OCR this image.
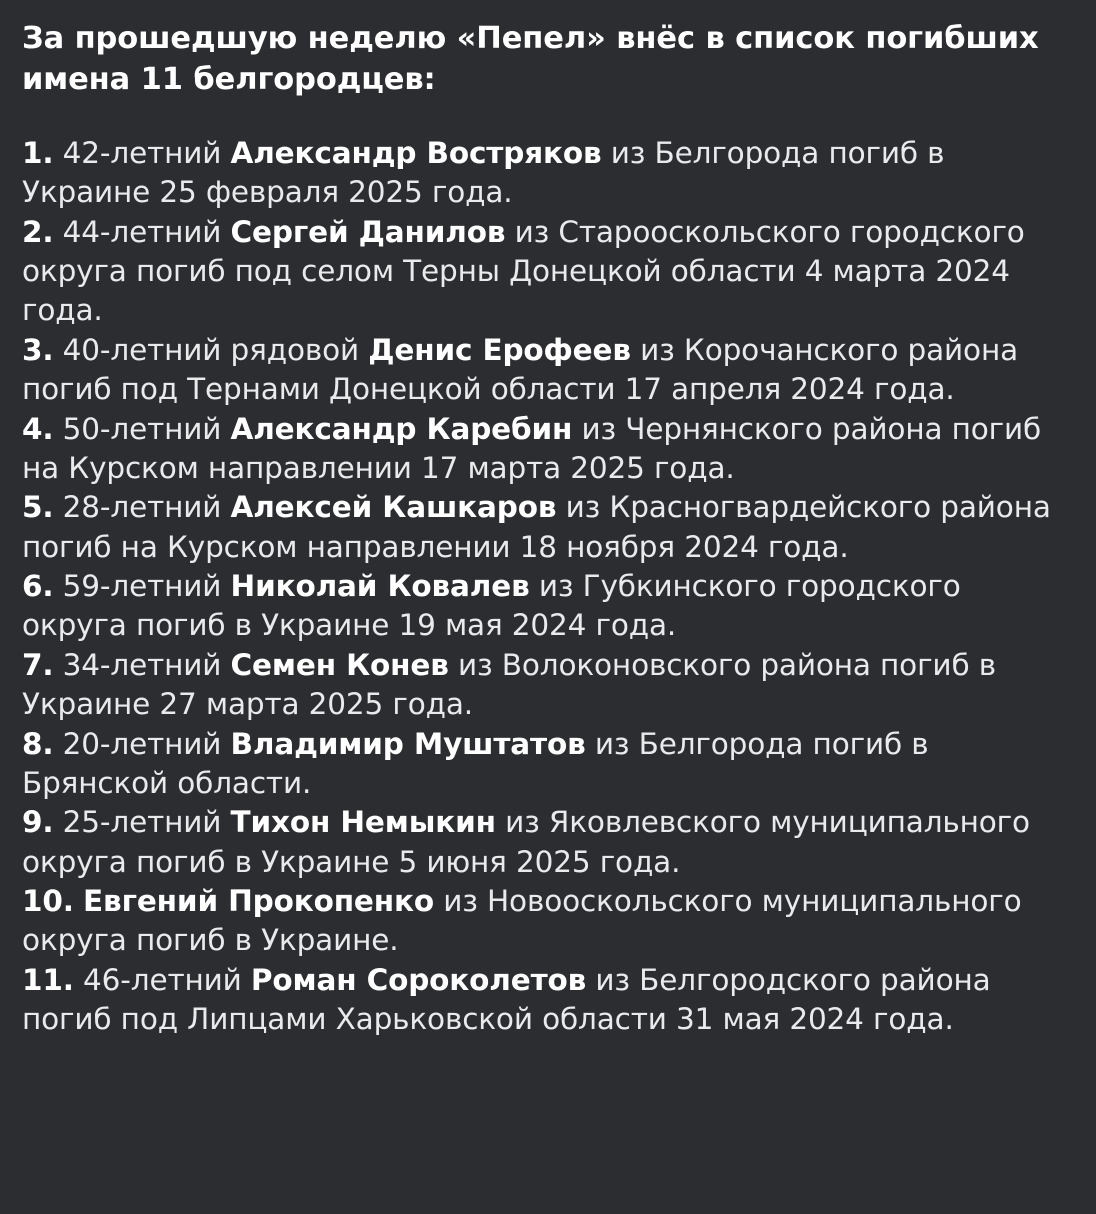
За прошедшую неделю «Пепел» внёс в список погибших имена 11 белгородцев:

1. 42-летний Александр Востряков из Белгорода погиб в Украине 25 февраля 2025 года.

2. 44-летний Сергей Данилов из Старооскольского городского округа погиб под селом Терны Донецкой области 4 марта 2024 года.

3. 40-летний рядовой Денис Ерофеев из Корочанского района погиб под Тернами Донецкой области 17 апреля 2024 года.

4. 50-летний Александр Каребин из Чернянского района погиб на Курском направлении 17 марта 2025 года.

5. 28-летний Алексей Кашкаров из Красногвардейского района погиб на Курском направлении 18 ноября 2024 года.

6. 59-летний Николай Ковалев из Губкинского городского округа погиб в Украине 19 мая 2024 года.

7. 34-летний Семен Конев из Волоконовского района погиб в Украине 27 марта 2025 года.

8. 20-летний Владимир Муштатов из Белгорода погиб в Брянской области.

9. 25-летний Тихон Немыкин из Яковлевского муниципального округа погиб в Украине 5 июня 2025 года.

10. Евгений Прокопенко из Новооскольского муниципального округа погиб в Украине.

11. 46-летний Роман Сороколетов из Белгородского района погиб под Липцами Харьковской области 31 мая 2024 года.
